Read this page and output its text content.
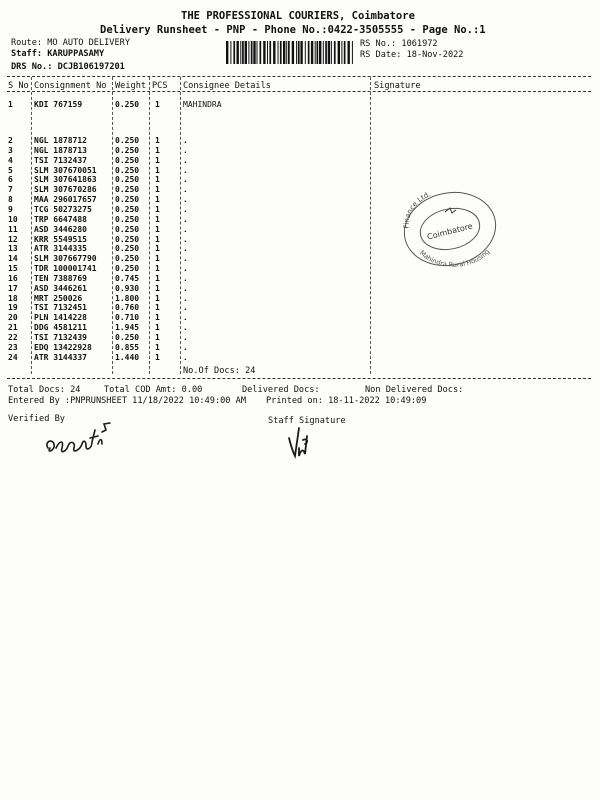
THE PROFESSIONAL COURIERS, Coimbatore
Delivery Runsheet - PNP - Phone No.:0422-3505555 - Page No.:1
Route: MO AUTO DELIVERY
Staff: KARUPPASAMY
DRS No.: DCJB106197201
RS No.: 1061972
RS Date: 18-Nov-2022
S No Consignment No Weight PCS Consignee Details	Signature
1	KDI 767159	0.250 1	MAHINDRA
2	NGL 1878712	0.250 1	.
3	NGL 1878713	0.250 1	.
4	TSI 7132437	0.250 1	.
5	SLM 307670051 0.250 1	.
6	SLM 307641863 0.250 1	.
7	SLM 307670286 0.250 1	.
8	MAA 296017657 0.250 1	.
9	TCG 50273275	0.250 1	.
10 TRP 6647488	0.250 1	.
11 ASD 3446280	0.250 1	.
12 KRR 5549515	0.250 1	.
13 ATR 3144335	0.250 1	.
14 SLM 307667790 0.250 1	.
15 TDR 100001741 0.250 1	.
16 TEN 7388769	0.745 1	.
17 ASD 3446261	0.930 1	.
18 MRT 250026	1.800 1	.
19 TSI 7132451	0.760 1	.
20 PLN 1414228	0.710 1	.
21 DDG 4581211	1.945 1	.
22 TSI 7132439	0.250 1	.
23 EDQ 13422928	0.855 1	.
24 ATR 3144337	1.440 1	.
No.Of Docs: 24
Total Docs: 24	Total COD Amt: 0.00	Delivered Docs:	Non Delivered Docs:
Entered By :PNPRUNSHEET 11/18/2022 10:49:00 AM Printed on: 18-11-2022 10:49:09
Verified By	Staff Signature
Finance Ltd.
Mahindra Rural Housing
Coimbatore
